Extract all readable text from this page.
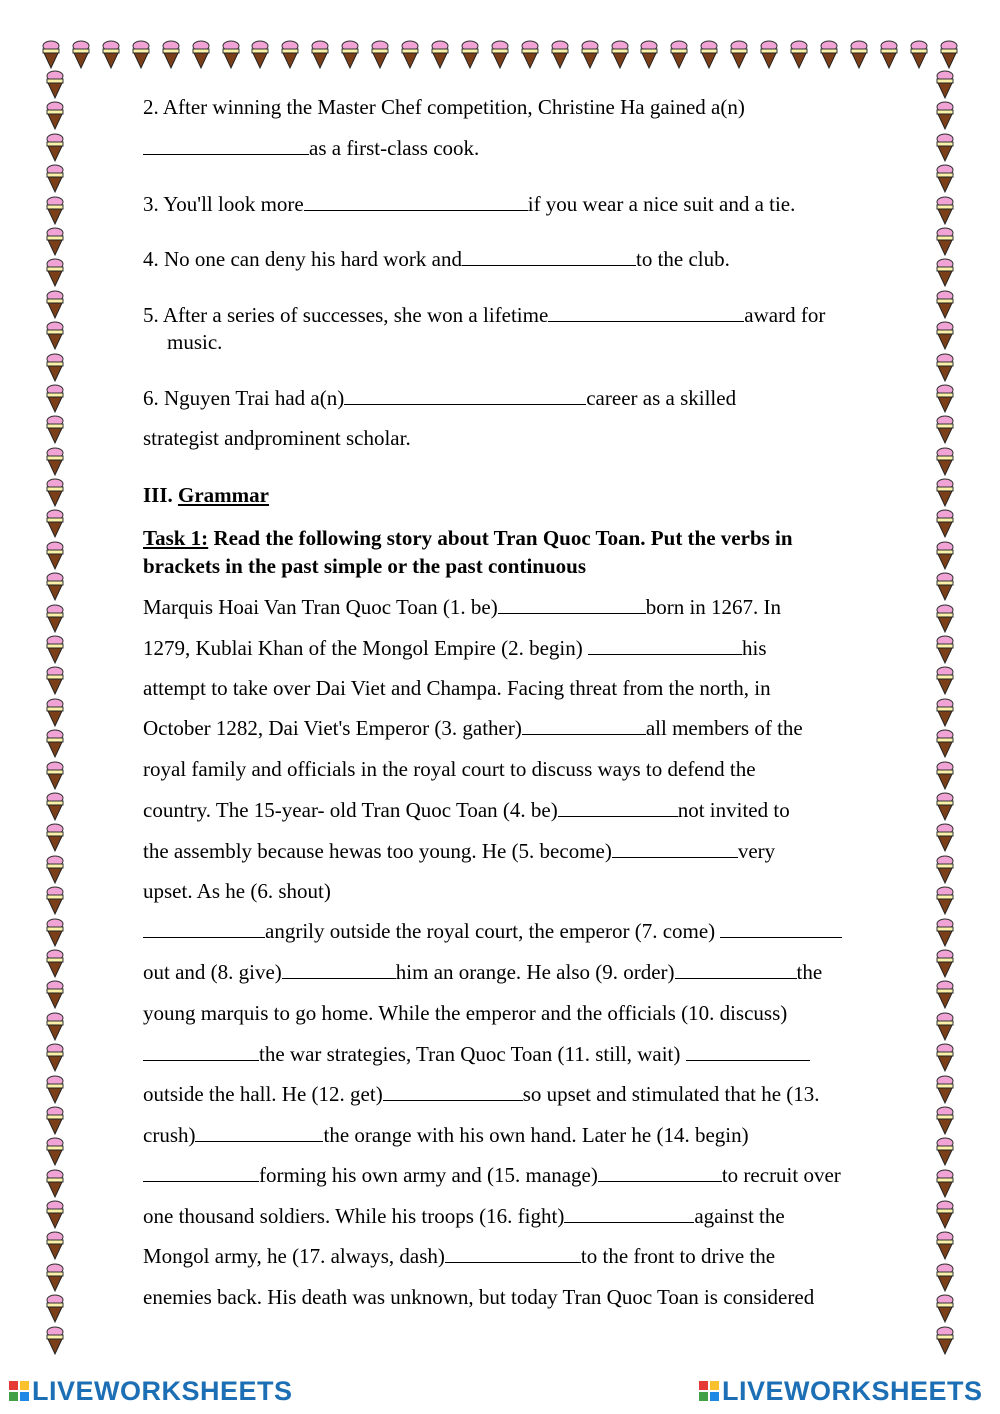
2. After winning the Master Chef competition, Christine Ha gained a(n)
as a first-class cook.
3. You'll look more	if you wear a nice suit and a tie.
4. No one can deny his hard work and	to the club.
5. After a series of successes, she won a lifetime	award for
music.
6. Nguyen Trai had a(n)	career as a skilled
strategist andprominent scholar.
III. Grammar
Task 1: Read the following story about Tran Quoc Toan. Put the verbs in
brackets in the past simple or the past continuous
Marquis Hoai Van Tran Quoc Toan (1. be)	born in 1267. In
1279, Kublai Khan of the Mongol Empire (2. begin)	his
attempt to take over Dai Viet and Champa. Facing threat from the north, in
October 1282, Dai Viet's Emperor (3. gather)	all members of the
royal family and officials in the royal court to discuss ways to defend the
country. The 15-year- old Tran Quoc Toan (4. be)	not invited to
the assembly because hewas too young. He (5. become)	very
upset. As he (6. shout)
angrily outside the royal court, the emperor (7. come)
out and (8. give)	him an orange. He also (9. order)	the
young marquis to go home. While the emperor and the officials (10. discuss)
the war strategies, Tran Quoc Toan (11. still, wait)
outside the hall. He (12. get)	so upset and stimulated that he (13.
crush)	the orange with his own hand. Later he (14. begin)
forming his own army and (15. manage)	to recruit over
one thousand soldiers. While his troops (16. fight)	against the
Mongol army, he (17. always, dash)	to the front to drive the
enemies back. His death was unknown, but today Tran Quoc Toan is considered
LIVEWORKSHEETS	LIVEWORKSHEETS
